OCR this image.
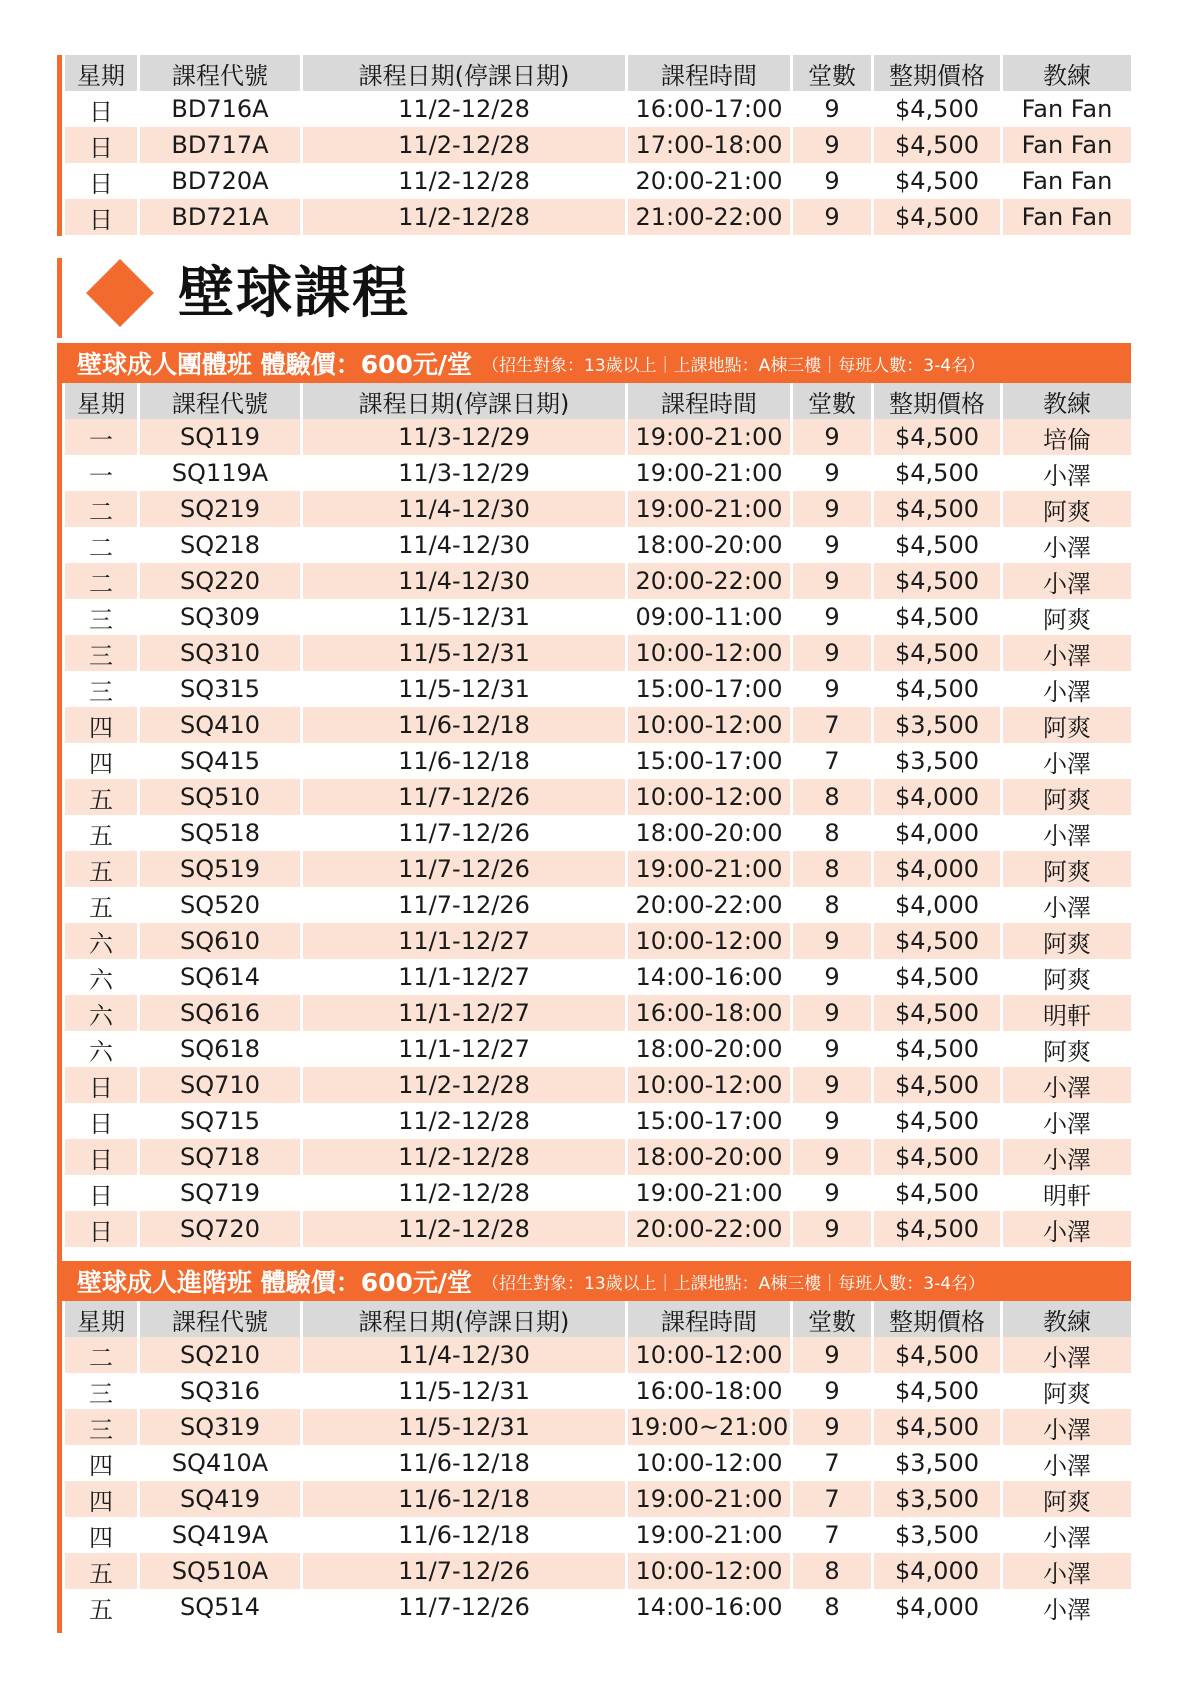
星期	課程代號	課程日期(停課日期)	課程時間	堂數	整期價格	教練
日	BD716A	11/2-12/28	16:00-17:00	9	$4,500	Fan Fan
日	BD717A	11/2-12/28	17:00-18:00	9	$4,500	Fan Fan
日	BD720A	11/2-12/28	20:00-21:00	9	$4,500	Fan Fan
日	BD721A	11/2-12/28	21:00-22:00	9	$4,500	Fan Fan
壁球課程
壁球成人團體班 體驗價：600元/堂 （招生對象：13歲以上｜上課地點：A棟三樓｜每班人數：3-4名）
星期	課程代號	課程日期(停課日期)	課程時間	堂數	整期價格	教練
一	SQ119	11/3-12/29	19:00-21:00	9	$4,500	培倫
一	SQ119A	11/3-12/29	19:00-21:00	9	$4,500	小澤
二	SQ219	11/4-12/30	19:00-21:00	9	$4,500	阿爽
二	SQ218	11/4-12/30	18:00-20:00	9	$4,500	小澤
二	SQ220	11/4-12/30	20:00-22:00	9	$4,500	小澤
三	SQ309	11/5-12/31	09:00-11:00	9	$4,500	阿爽
三	SQ310	11/5-12/31	10:00-12:00	9	$4,500	小澤
三	SQ315	11/5-12/31	15:00-17:00	9	$4,500	小澤
四	SQ410	11/6-12/18	10:00-12:00	7	$3,500	阿爽
四	SQ415	11/6-12/18	15:00-17:00	7	$3,500	小澤
五	SQ510	11/7-12/26	10:00-12:00	8	$4,000	阿爽
五	SQ518	11/7-12/26	18:00-20:00	8	$4,000	小澤
五	SQ519	11/7-12/26	19:00-21:00	8	$4,000	阿爽
五	SQ520	11/7-12/26	20:00-22:00	8	$4,000	小澤
六	SQ610	11/1-12/27	10:00-12:00	9	$4,500	阿爽
六	SQ614	11/1-12/27	14:00-16:00	9	$4,500	阿爽
六	SQ616	11/1-12/27	16:00-18:00	9	$4,500	明軒
六	SQ618	11/1-12/27	18:00-20:00	9	$4,500	阿爽
日	SQ710	11/2-12/28	10:00-12:00	9	$4,500	小澤
日	SQ715	11/2-12/28	15:00-17:00	9	$4,500	小澤
日	SQ718	11/2-12/28	18:00-20:00	9	$4,500	小澤
日	SQ719	11/2-12/28	19:00-21:00	9	$4,500	明軒
日	SQ720	11/2-12/28	20:00-22:00	9	$4,500	小澤
壁球成人進階班 體驗價：600元/堂 （招生對象：13歲以上｜上課地點：A棟三樓｜每班人數：3-4名）
星期	課程代號	課程日期(停課日期)	課程時間	堂數	整期價格	教練
二	SQ210	11/4-12/30	10:00-12:00	9	$4,500	小澤
三	SQ316	11/5-12/31	16:00-18:00	9	$4,500	阿爽
三	SQ319	11/5-12/31	19:00~21:00	9	$4,500	小澤
四	SQ410A	11/6-12/18	10:00-12:00	7	$3,500	小澤
四	SQ419	11/6-12/18	19:00-21:00	7	$3,500	阿爽
四	SQ419A	11/6-12/18	19:00-21:00	7	$3,500	小澤
五	SQ510A	11/7-12/26	10:00-12:00	8	$4,000	小澤
五	SQ514	11/7-12/26	14:00-16:00	8	$4,000	小澤
